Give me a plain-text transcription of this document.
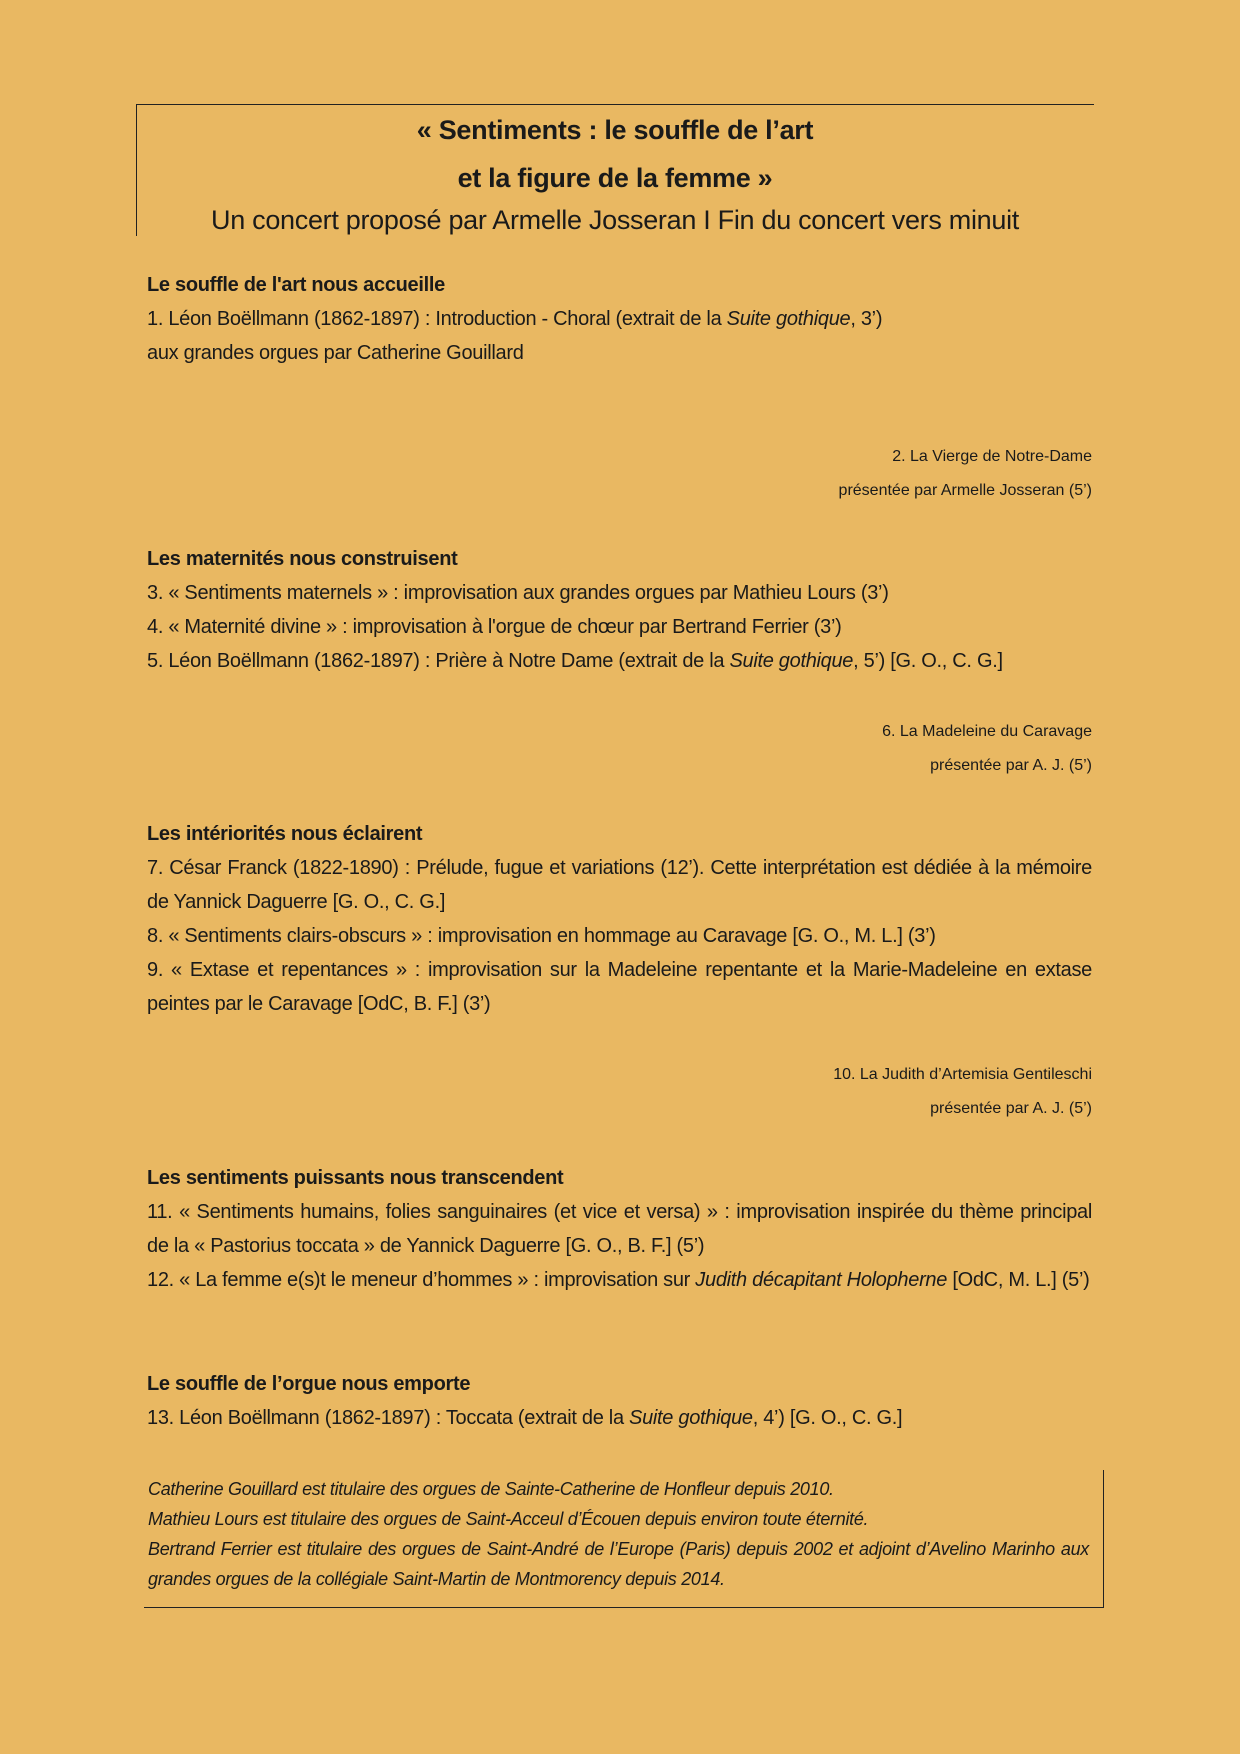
« Sentiments : le souffle de l’art
et la figure de la femme »
Un concert proposé par Armelle Josseran I Fin du concert vers minuit

Le souffle de l'art nous accueille

1. Léon Boëllmann (1862-1897) : Introduction - Choral (extrait de la Suite gothique, 3’)

aux grandes orgues par Catherine Gouillard

2. La Vierge de Notre-Dame
présentée par Armelle Josseran (5’)

Les maternités nous construisent

3. « Sentiments maternels » : improvisation aux grandes orgues par Mathieu Lours (3’)

4. « Maternité divine » : improvisation à l'orgue de chœur par Bertrand Ferrier (3’)

5. Léon Boëllmann (1862-1897) : Prière à Notre Dame (extrait de la Suite gothique, 5’) [G. O., C. G.]

6. La Madeleine du Caravage
présentée par A. J. (5’)

Les intériorités nous éclairent

7. César Franck (1822-1890) : Prélude, fugue et variations (12’). Cette interprétation est dédiée à la mémoire de Yannick Daguerre [G. O., C. G.]

8. « Sentiments clairs-obscurs » : improvisation en hommage au Caravage [G. O., M. L.] (3’)

9. « Extase et repentances » : improvisation sur la Madeleine repentante et la Marie-Madeleine en extase peintes par le Caravage [OdC, B. F.] (3’)

10. La Judith d’Artemisia Gentileschi
présentée par A. J. (5’)

Les sentiments puissants nous transcendent

11. « Sentiments humains, folies sanguinaires (et vice et versa) » : improvisation inspirée du thème principal de la « Pastorius toccata » de Yannick Daguerre [G. O., B. F.] (5’)

12. « La femme e(s)t le meneur d’hommes » : improvisation sur Judith décapitant Holopherne [OdC, M. L.] (5’)

Le souffle de l’orgue nous emporte

13. Léon Boëllmann (1862-1897) : Toccata (extrait de la Suite gothique, 4’) [G. O., C. G.]

Catherine Gouillard est titulaire des orgues de Sainte-Catherine de Honfleur depuis 2010.

Mathieu Lours est titulaire des orgues de Saint-Acceul d’Écouen depuis environ toute éternité.

Bertrand Ferrier est titulaire des orgues de Saint-André de l’Europe (Paris) depuis 2002 et adjoint d’Avelino Marinho aux grandes orgues de la collégiale Saint-Martin de Montmorency depuis 2014.
